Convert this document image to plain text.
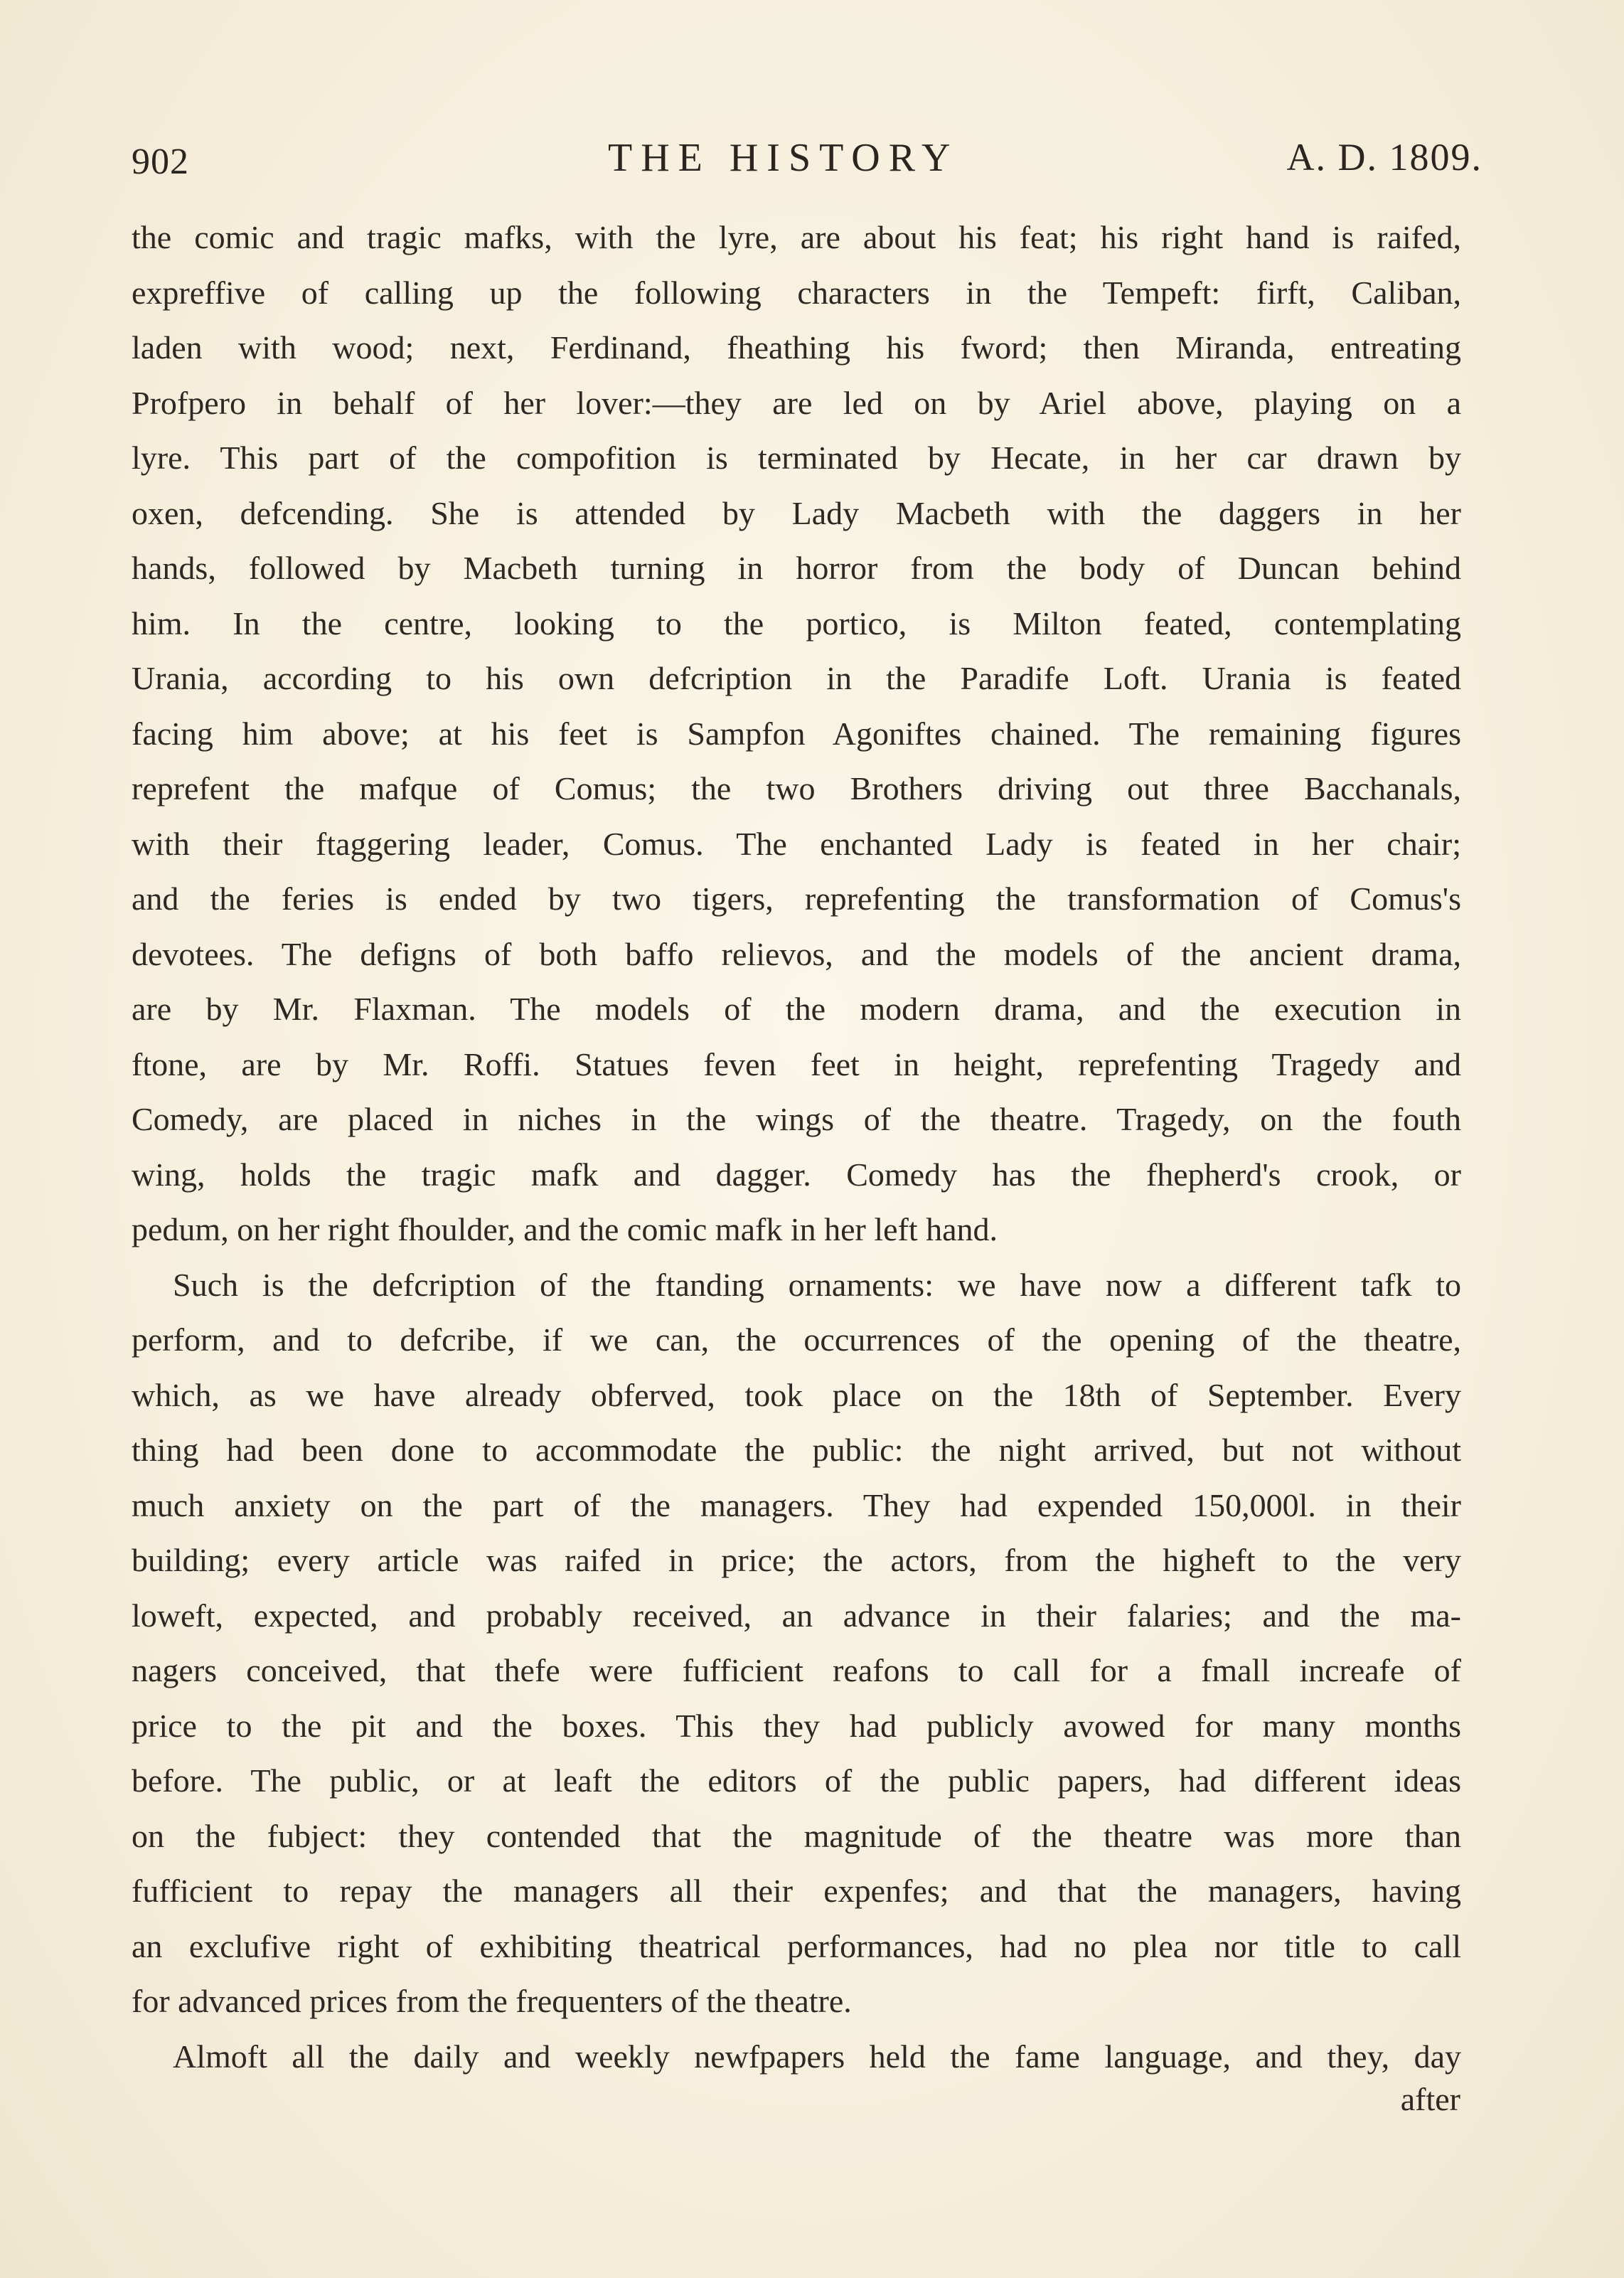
902	THE HISTORY	A. D. 1809.
the comic and tragic mafks, with the lyre, are about his feat; his right hand is raifed,
expreffive of calling up the following characters in the Tempeft: firft, Caliban,
laden with wood; next, Ferdinand, fheathing his fword; then Miranda, entreating
Profpero in behalf of her lover:—they are led on by Ariel above, playing on a
lyre. This part of the compofition is terminated by Hecate, in her car drawn by
oxen, defcending. She is attended by Lady Macbeth with the daggers in her
hands, followed by Macbeth turning in horror from the body of Duncan behind
him. In the centre, looking to the portico, is Milton feated, contemplating
Urania, according to his own defcription in the Paradife Loft. Urania is feated
facing him above; at his feet is Sampfon Agoniftes chained. The remaining figures
reprefent the mafque of Comus; the two Brothers driving out three Bacchanals,
with their ftaggering leader, Comus. The enchanted Lady is feated in her chair;
and the feries is ended by two tigers, reprefenting the transformation of Comus's
devotees. The defigns of both baffo relievos, and the models of the ancient drama,
are by Mr. Flaxman. The models of the modern drama, and the execution in
ftone, are by Mr. Roffi. Statues feven feet in height, reprefenting Tragedy and
Comedy, are placed in niches in the wings of the theatre. Tragedy, on the fouth
wing, holds the tragic mafk and dagger. Comedy has the fhepherd's crook, or
pedum, on her right fhoulder, and the comic mafk in her left hand.
Such is the defcription of the ftanding ornaments: we have now a different tafk to
perform, and to defcribe, if we can, the occurrences of the opening of the theatre,
which, as we have already obferved, took place on the 18th of September. Every
thing had been done to accommodate the public: the night arrived, but not without
much anxiety on the part of the managers. They had expended 150,000l. in their
building; every article was raifed in price; the actors, from the higheft to the very
loweft, expected, and probably received, an advance in their falaries; and the ma-
nagers conceived, that thefe were fufficient reafons to call for a fmall increafe of
price to the pit and the boxes. This they had publicly avowed for many months
before. The public, or at leaft the editors of the public papers, had different ideas
on the fubject: they contended that the magnitude of the theatre was more than
fufficient to repay the managers all their expenfes; and that the managers, having
an exclufive right of exhibiting theatrical performances, had no plea nor title to call
for advanced prices from the frequenters of the theatre.
Almoft all the daily and weekly newfpapers held the fame language, and they, day
after
